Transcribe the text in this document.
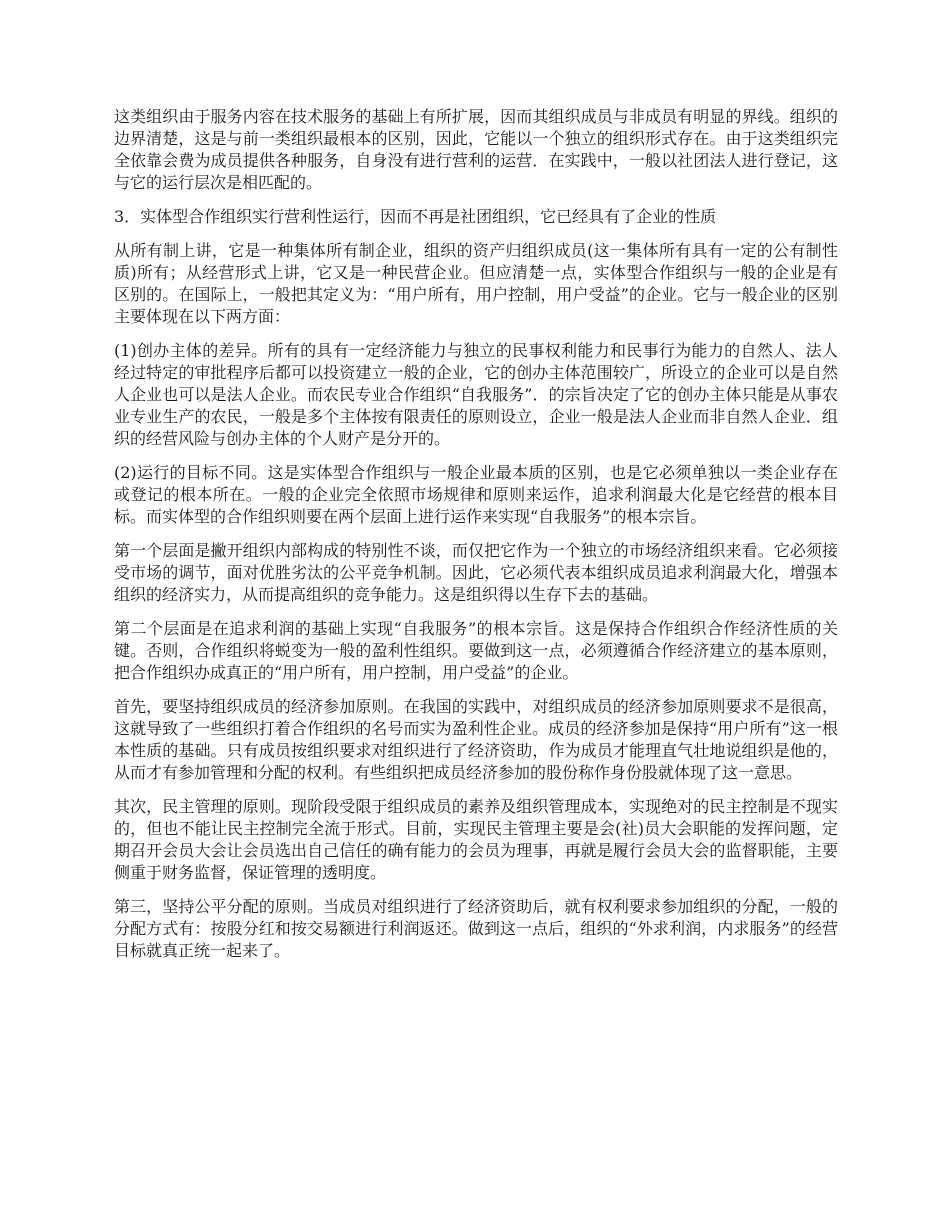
这类组织由于服务内容在技术服务的基础上有所扩展，因而其组织成员与非成员有明显的界线。组织的边界清楚，这是与前一类组织最根本的区别，因此，它能以一个独立的组织形式存在。由于这类组织完全依靠会费为成员提供各种服务，自身没有进行营利的运营．在实践中，一般以社团法人进行登记，这与它的运行层次是相匹配的。

3．实体型合作组织实行营利性运行，因而不再是社团组织，它已经具有了企业的性质

从所有制上讲，它是一种集体所有制企业，组织的资产归组织成员(这一集体所有具有一定的公有制性质)所有；从经营形式上讲，它又是一种民营企业。但应清楚一点，实体型合作组织与一般的企业是有区别的。在国际上，一般把其定义为：“用户所有，用户控制，用户受益”的企业。它与一般企业的区别主要体现在以下两方面：

(1)创办主体的差异。所有的具有一定经济能力与独立的民事权利能力和民事行为能力的自然人、法人经过特定的审批程序后都可以投资建立一般的企业，它的创办主体范围较广，所设立的企业可以是自然人企业也可以是法人企业。而农民专业合作组织“自我服务”．的宗旨决定了它的创办主体只能是从事农业专业生产的农民，一般是多个主体按有限责任的原则设立，企业一般是法人企业而非自然人企业．组织的经营风险与创办主体的个人财产是分开的。

(2)运行的目标不同。这是实体型合作组织与一般企业最本质的区别，也是它必须单独以一类企业存在或登记的根本所在。一般的企业完全依照市场规律和原则来运作，追求利润最大化是它经营的根本目标。而实体型的合作组织则要在两个层面上进行运作来实现“自我服务”的根本宗旨。

第一个层面是撇开组织内部构成的特别性不谈，而仅把它作为一个独立的市场经济组织来看。它必须接受市场的调节，面对优胜劣汰的公平竞争机制。因此，它必须代表本组织成员追求利润最大化，增强本组织的经济实力，从而提高组织的竞争能力。这是组织得以生存下去的基础。

第二个层面是在追求利润的基础上实现“自我服务”的根本宗旨。这是保持合作组织合作经济性质的关键。否则，合作组织将蜕变为一般的盈利性组织。要做到这一点，必须遵循合作经济建立的基本原则，把合作组织办成真正的“用户所有，用户控制，用户受益”的企业。

首先，要坚持组织成员的经济参加原则。在我国的实践中，对组织成员的经济参加原则要求不是很高，这就导致了一些组织打着合作组织的名号而实为盈利性企业。成员的经济参加是保持“用户所有”这一根本性质的基础。只有成员按组织要求对组织进行了经济资助，作为成员才能理直气壮地说组织是他的，从而才有参加管理和分配的权利。有些组织把成员经济参加的股份称作身份股就体现了这一意思。

其次，民主管理的原则。现阶段受限于组织成员的素养及组织管理成本，实现绝对的民主控制是不现实的，但也不能让民主控制完全流于形式。目前，实现民主管理主要是会(社)员大会职能的发挥问题，定期召开会员大会让会员选出自己信任的确有能力的会员为理事，再就是履行会员大会的监督职能，主要侧重于财务监督，保证管理的透明度。

第三，坚持公平分配的原则。当成员对组织进行了经济资助后，就有权利要求参加组织的分配，一般的分配方式有：按股分红和按交易额进行利润返还。做到这一点后，组织的“外求利润，内求服务”的经营目标就真正统一起来了。
